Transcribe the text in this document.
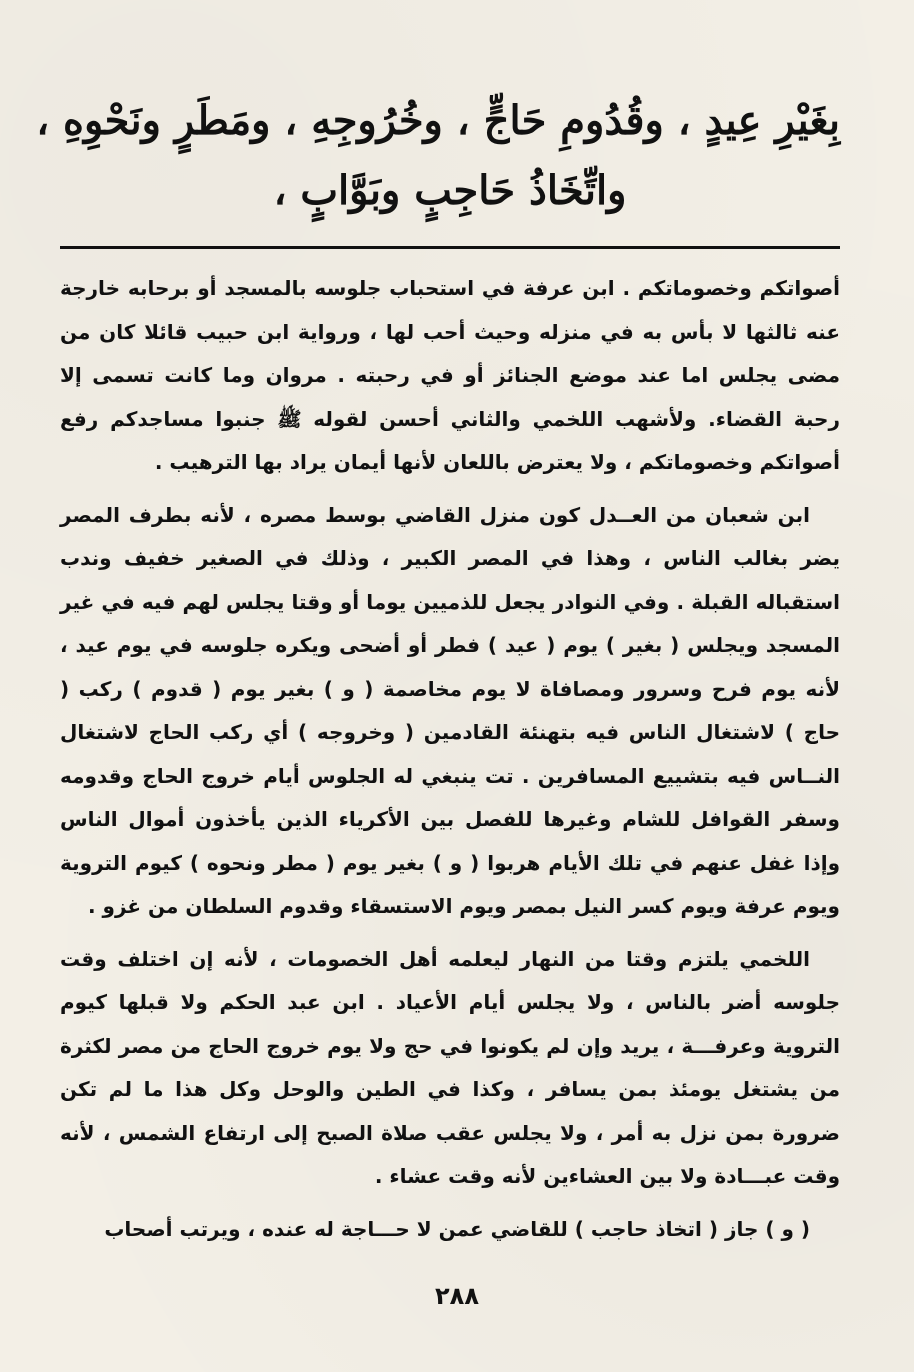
بِغَيْرِ عِيدٍ ، وقُدُومِ حَاجٍّ ، وخُرُوجِهِ ، ومَطَرٍ ونَحْوِهِ ،
واتِّخَاذُ حَاجِبٍ وبَوَّابٍ ،

أصواتكم وخصوماتكم . ابن عرفة في استحباب جلوسه بالمسجد أو برحابه خارجة عنه ثالثها لا بأس به في منزله وحيث أحب لها ، ورواية ابن حبيب قائلا كان من مضى يجلس اما عند موضع الجنائز أو في رحبته . مروان وما كانت تسمى إلا رحبة القضاء. ولأشهب اللخمي والثاني أحسن لقوله ﷺ جنبوا مساجدكم رفع أصواتكم وخصوماتكم ، ولا يعترض باللعان لأنها أيمان يراد بها الترهيب .

ابن شعبان من العــدل كون منزل القاضي بوسط مصره ، لأنه بطرف المصر يضر بغالب الناس ، وهذا في المصر الكبير ، وذلك في الصغير خفيف وندب استقباله القبلة . وفي النوادر يجعل للذميين يوما أو وقتا يجلس لهم فيه في غير المسجد ويجلس ( بغير ) يوم ( عيد ) فطر أو أضحى ويكره جلوسه في يوم عيد ، لأنه يوم فرح وسرور ومصافاة لا يوم مخاصمة ( و ) بغير يوم ( قدوم ) ركب ( حاج ) لاشتغال الناس فيه بتهنئة القادمين ( وخروجه ) أي ركب الحاج لاشتغال النــاس فيه بتشييع المسافرين . تت ينبغي له الجلوس أيام خروج الحاج وقدومه وسفر القوافل للشام وغيرها للفصل بين الأكرياء الذين يأخذون أموال الناس وإذا غفل عنهم في تلك الأيام هربوا ( و ) بغير يوم ( مطر ونحوه ) كيوم التروية ويوم عرفة ويوم كسر النيل بمصر ويوم الاستسقاء وقدوم السلطان من غزو .

اللخمي يلتزم وقتا من النهار ليعلمه أهل الخصومات ، لأنه إن اختلف وقت جلوسه أضر بالناس ، ولا يجلس أيام الأعياد . ابن عبد الحكم ولا قبلها كيوم التروية وعرفـــة ، يريد وإن لم يكونوا في حج ولا يوم خروج الحاج من مصر لكثرة من يشتغل يومئذ بمن يسافر ، وكذا في الطين والوحل وكل هذا ما لم تكن ضرورة بمن نزل به أمر ، ولا يجلس عقب صلاة الصبح إلى ارتفاع الشمس ، لأنه وقت عبـــادة ولا بين العشاءين لأنه وقت عشاء .

( و ) جاز ( اتخاذ حاجب ) للقاضي عمن لا حـــاجة له عنده ، ويرتب أصحاب

٢٨٨
